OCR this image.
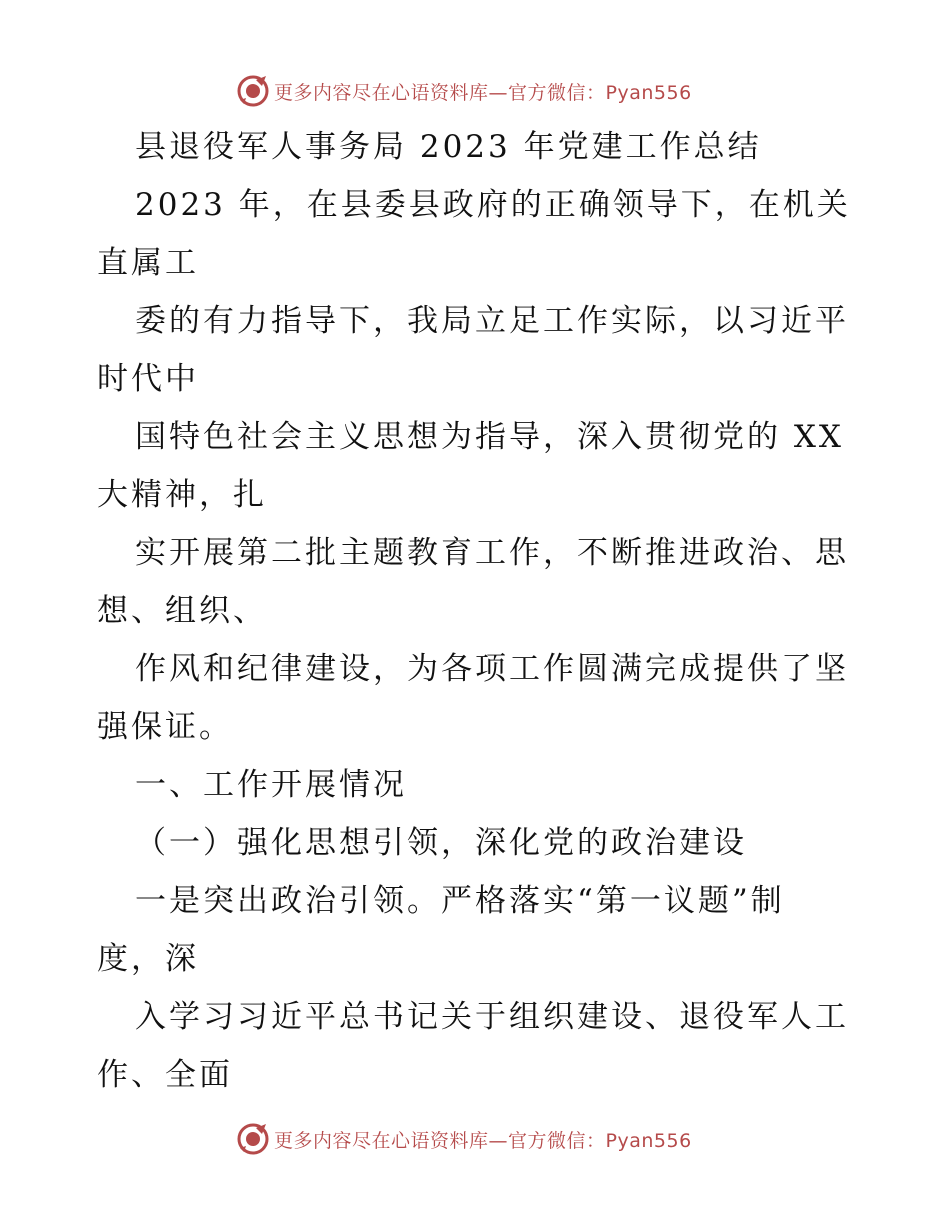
更多内容尽在心语资料库—官方微信：Pyan556
县退役军人事务局 2023 年党建工作总结
2023 年，在县委县政府的正确领导下，在机关
直属工
委的有力指导下，我局立足工作实际，以习近平
时代中
国特色社会主义思想为指导，深入贯彻党的 XX
大精神，扎
实开展第二批主题教育工作，不断推进政治、思
想、组织、
作风和纪律建设，为各项工作圆满完成提供了坚
强保证。
一、工作开展情况
（一）强化思想引领，深化党的政治建设
一是突出政治引领。严格落实“第一议题”制
度，深
入学习习近平总书记关于组织建设、退役军人工
作、全面
更多内容尽在心语资料库—官方微信：Pyan556
